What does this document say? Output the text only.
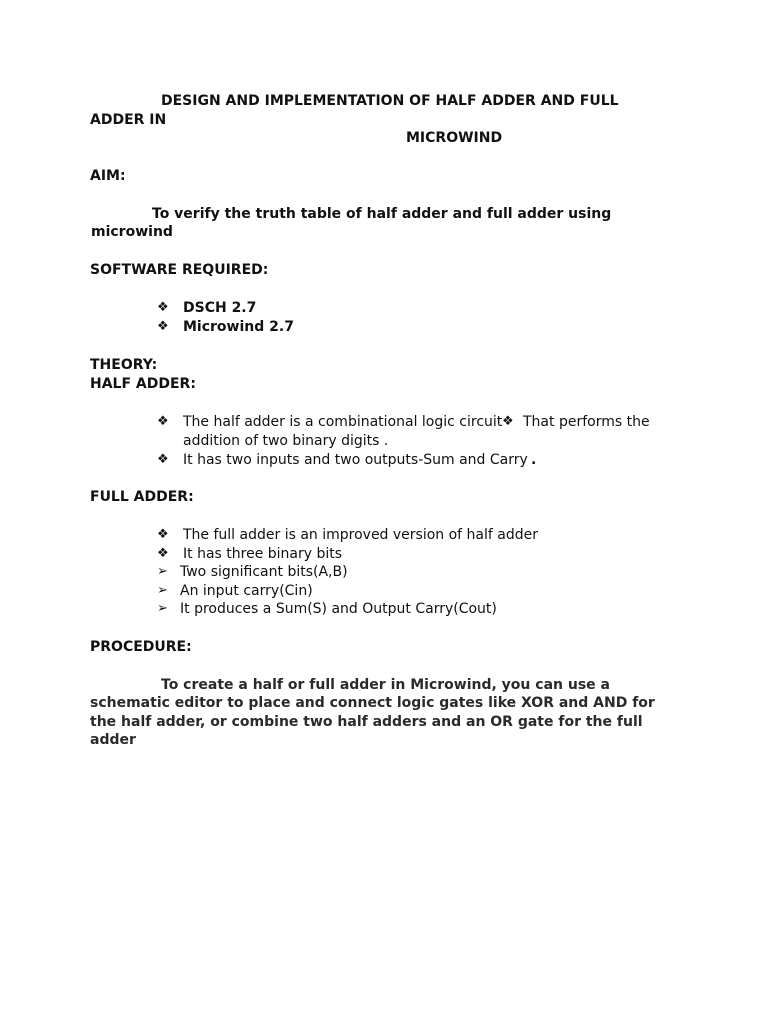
DESIGN AND IMPLEMENTATION OF HALF ADDER AND FULL
ADDER IN
MICROWIND
AIM:
To verify the truth table of half adder and full adder using
microwind
SOFTWARE REQUIRED:
❖ DSCH 2.7
❖ Microwind 2.7
THEORY:
HALF ADDER:
❖ The half adder is a combinational logic circuit ❖ That performs the
addition of two binary digits .
❖ It has two inputs and two outputs-Sum and Carry .
FULL ADDER:
❖ The full adder is an improved version of half adder
❖ It has three binary bits
➢ Two significant bits(A,B)
➢ An input carry(Cin)
➢ It produces a Sum(S) and Output Carry(Cout)
PROCEDURE:
To create a half or full adder in Microwind, you can use a
schematic editor to place and connect logic gates like XOR and AND for
the half adder, or combine two half adders and an OR gate for the full
adder
